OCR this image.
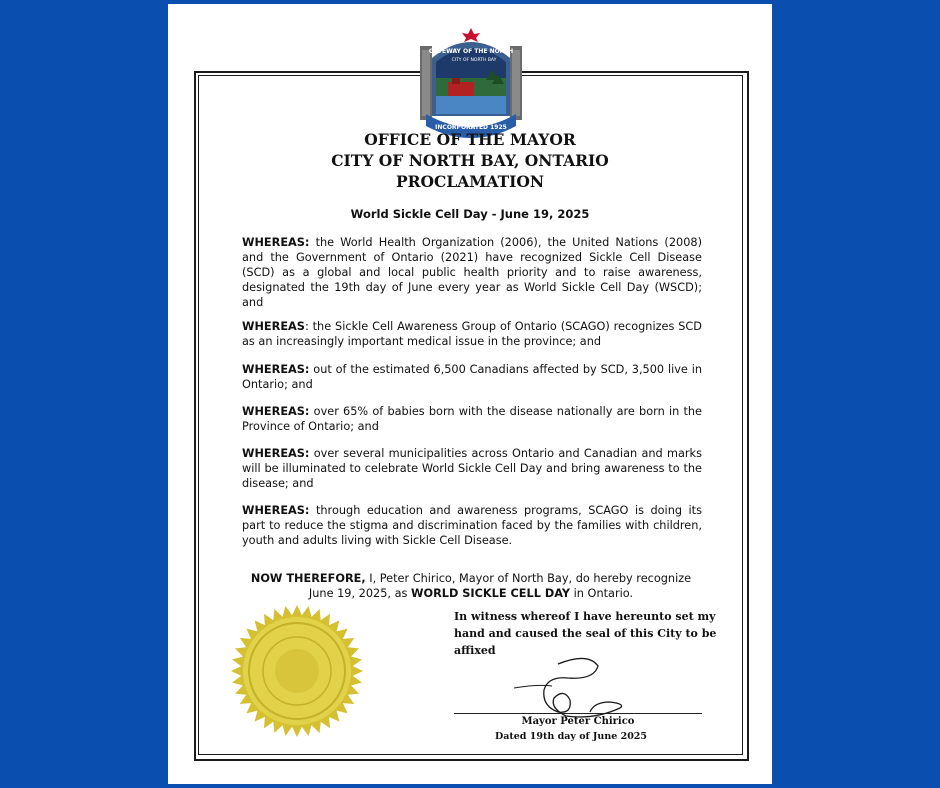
GATEWAY OF THE NORTH
CITY OF NORTH BAY
INCORPORATED 1925
OFFICE OF THE MAYOR
CITY OF NORTH BAY, ONTARIO
PROCLAMATION
World Sickle Cell Day - June 19, 2025
WHEREAS: the World Health Organization (2006), the United Nations (2008) and the Government of Ontario (2021) have recognized Sickle Cell Disease (SCD) as a global and local public health priority and to raise awareness, designated the 19th day of June every year as World Sickle Cell Day (WSCD); and
WHEREAS: the Sickle Cell Awareness Group of Ontario (SCAGO) recognizes SCD as an increasingly important medical issue in the province; and
WHEREAS: out of the estimated 6,500 Canadians affected by SCD, 3,500 live in Ontario; and
WHEREAS: over 65% of babies born with the disease nationally are born in the Province of Ontario; and
WHEREAS: over several municipalities across Ontario and Canadian and marks will be illuminated to celebrate World Sickle Cell Day and bring awareness to the disease; and
WHEREAS: through education and awareness programs, SCAGO is doing its part to reduce the stigma and discrimination faced by the families with children, youth and adults living with Sickle Cell Disease.
NOW THEREFORE, I, Peter Chirico, Mayor of North Bay, do hereby recognize June 19, 2025, as WORLD SICKLE CELL DAY in Ontario.
In witness whereof I have hereunto set my hand and caused the seal of this City to be affixed
Mayor Peter Chirico
Dated 19th day of June 2025
